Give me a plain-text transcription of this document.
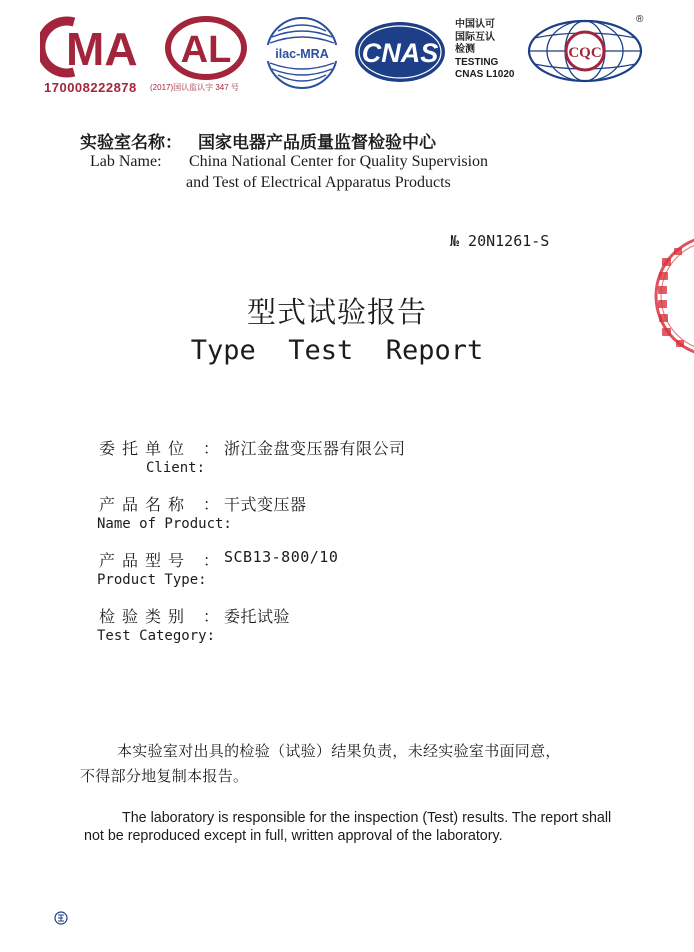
MA
170008222878
AL
(2017)国认监认字 347 号
ilac-MRA CNAS
中国认可
国际互认
检测
TESTING
CNAS L1020
CQC
®
实验室名称： 国家电器产品质量监督检验中心
Lab Name: China National Center for Quality Supervision
and Test of Electrical Apparatus Products
№ 20N1261-S
型式试验报告
Type  Test  Report
委托单位 ： 浙江金盘变压器有限公司
Client:
产品名称 ： 干式变压器
Name of Product:
产品型号 ： SCB13-800/10
Product Type:
检验类别 ： 委托试验
Test Category:
本实验室对出具的检验（试验）结果负责，未经实验室书面同意，
不得部分地复制本报告。
The laboratory is responsible for the inspection (Test) results. The report shall
not be reproduced except in full, written approval of the laboratory.
